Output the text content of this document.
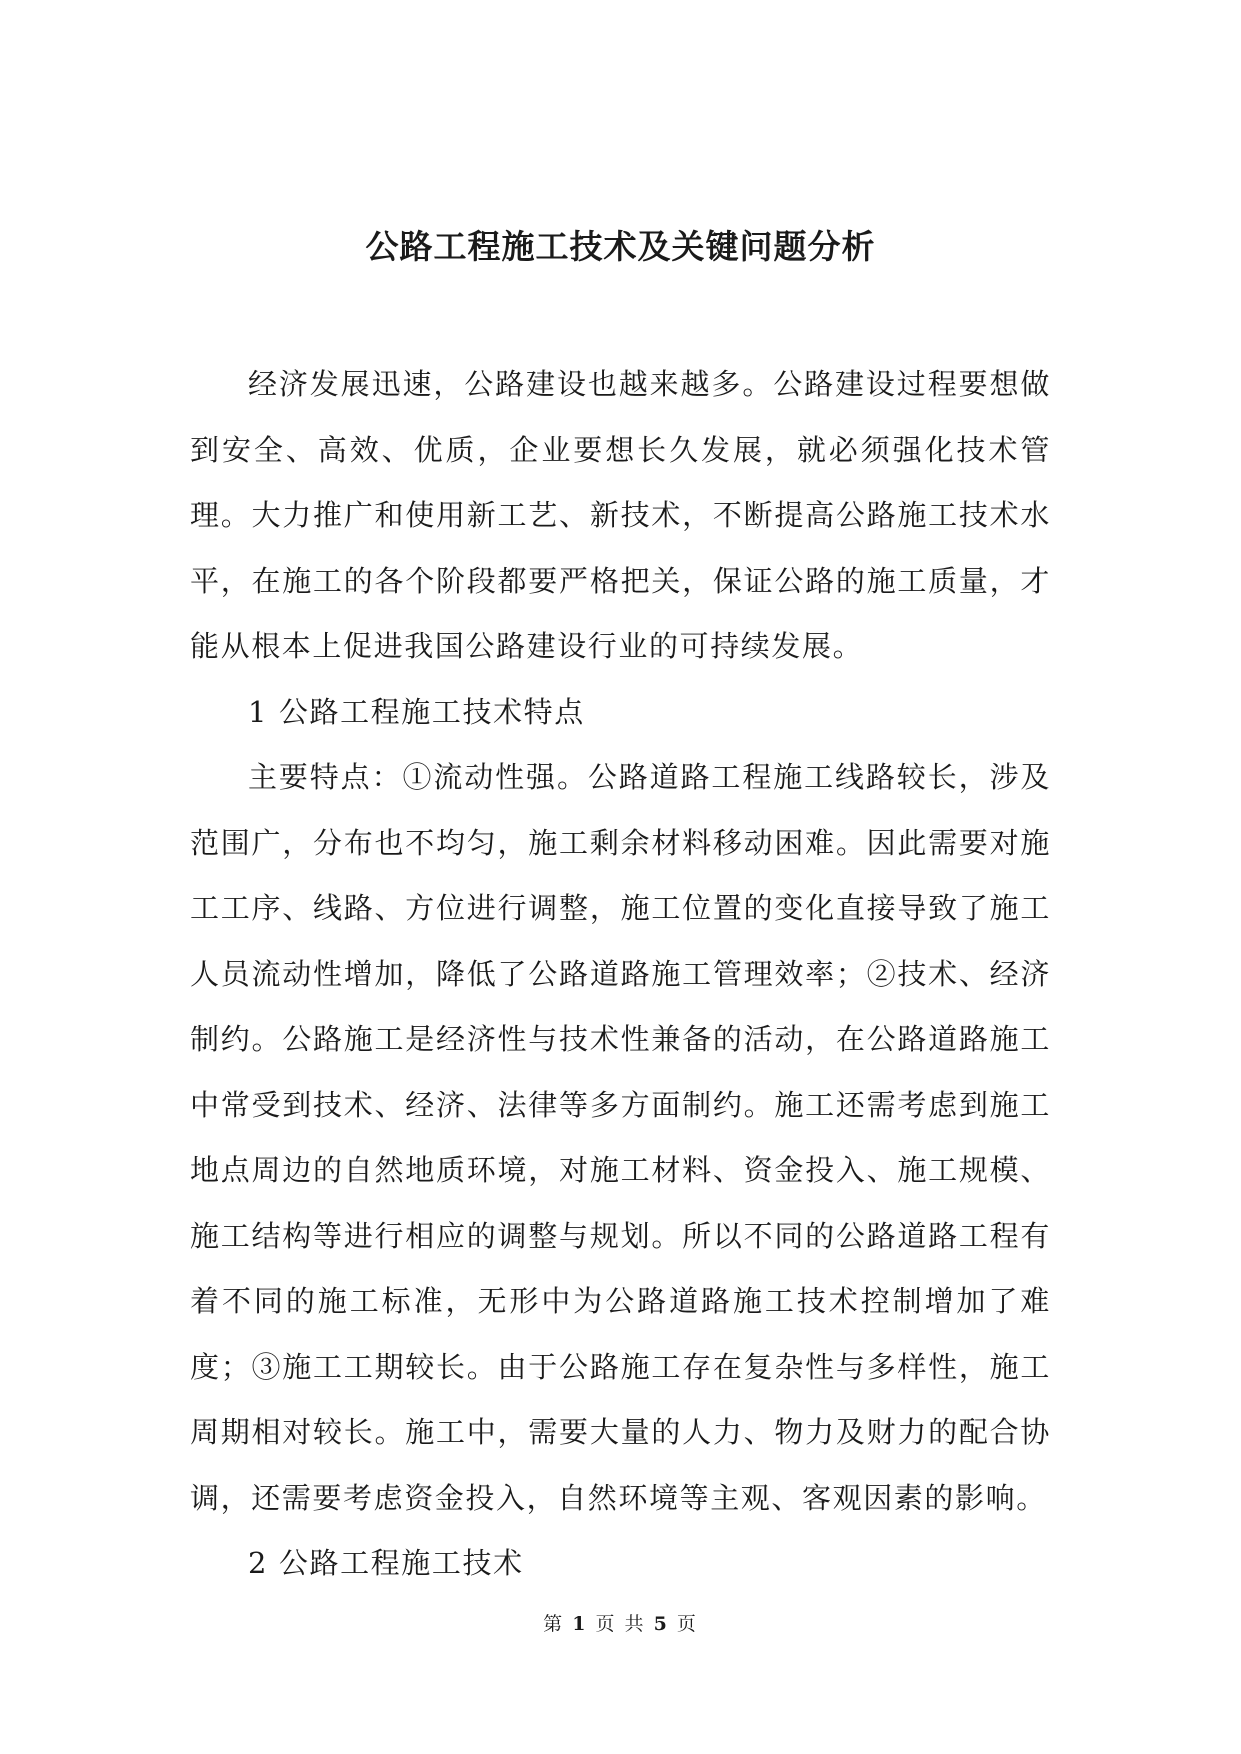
公路工程施工技术及关键问题分析

经济发展迅速，公路建设也越来越多。公路建设过程要想做到安全、高效、优质，企业要想长久发展，就必须强化技术管理。大力推广和使用新工艺、新技术，不断提高公路施工技术水平，在施工的各个阶段都要严格把关，保证公路的施工质量，才能从根本上促进我国公路建设行业的可持续发展。

1 公路工程施工技术特点

主要特点：①流动性强。公路道路工程施工线路较长，涉及范围广，分布也不均匀，施工剩余材料移动困难。因此需要对施工工序、线路、方位进行调整，施工位置的变化直接导致了施工人员流动性增加，降低了公路道路施工管理效率；②技术、经济制约。公路施工是经济性与技术性兼备的活动，在公路道路施工中常受到技术、经济、法律等多方面制约。施工还需考虑到施工地点周边的自然地质环境，对施工材料、资金投入、施工规模、施工结构等进行相应的调整与规划。所以不同的公路道路工程有着不同的施工标准，无形中为公路道路施工技术控制增加了难度；③施工工期较长。由于公路施工存在复杂性与多样性，施工周期相对较长。施工中，需要大量的人力、物力及财力的配合协调，还需要考虑资金投入，自然环境等主观、客观因素的影响。

2 公路工程施工技术

第 1 页 共 5 页
